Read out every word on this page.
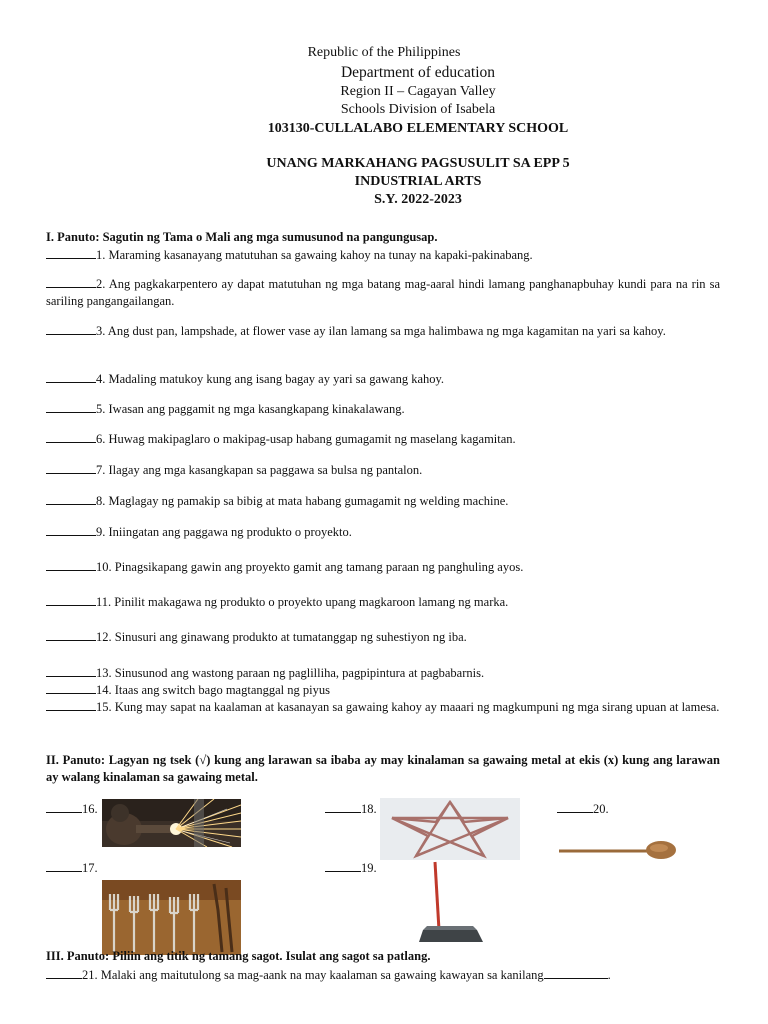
Republic of the Philippines
Department of education
Region II – Cagayan Valley
Schools Division of Isabela
103130-CULLALABO ELEMENTARY SCHOOL
UNANG MARKAHANG PAGSUSULIT SA EPP 5
INDUSTRIAL ARTS
S.Y. 2022-2023
I. Panuto: Sagutin ng Tama o Mali ang mga sumusunod na pangungusap.
1. Maraming kasanayang matutuhan sa gawaing kahoy na tunay na kapaki-pakinabang.
2. Ang pagkakarpentero ay dapat matutuhan ng mga batang mag-aaral hindi lamang panghanapbuhay kundi para na rin sa sariling pangangailangan.
3. Ang dust pan, lampshade, at flower vase ay ilan lamang sa mga halimbawa ng mga kagamitan na yari sa kahoy.
4. Madaling matukoy kung ang isang bagay ay yari sa gawang kahoy.
5. Iwasan ang paggamit ng mga kasangkapang kinakalawang.
6. Huwag makipaglaro o makipag-usap habang gumagamit ng maselang kagamitan.
7. Ilagay ang mga kasangkapan sa paggawa sa bulsa ng pantalon.
8. Maglagay ng pamakip sa bibig at mata habang gumagamit ng welding machine.
9. Iniingatan ang paggawa ng produkto o proyekto.
10. Pinagsikapang gawin ang proyekto gamit ang tamang paraan ng panghuling ayos.
11. Pinilit makagawa ng produkto o proyekto upang magkaroon lamang ng marka.
12. Sinusuri ang ginawang produkto at tumatanggap ng suhestiyon ng iba.
13. Sinusunod ang wastong paraan ng paglilliha, pagpipintura at pagbabarnis.
14. Itaas ang switch bago magtanggal ng piyus
15. Kung may sapat na kaalaman at kasanayan sa gawaing kahoy ay maaari ng magkumpuni ng mga sirang upuan at lamesa.
II. Panuto: Lagyan ng tsek (√) kung ang larawan sa ibaba ay may kinalaman sa gawaing metal at ekis (x) kung ang larawan ay walang kinalaman sa gawaing metal.
16.
17.
18.
19.
20.
III. Panuto: Piliin ang titik ng tamang sagot. Isulat ang sagot sa patlang.
21. Malaki ang maitutulong sa mag-aank na may kaalaman sa gawaing kawayan sa kanilang	.
